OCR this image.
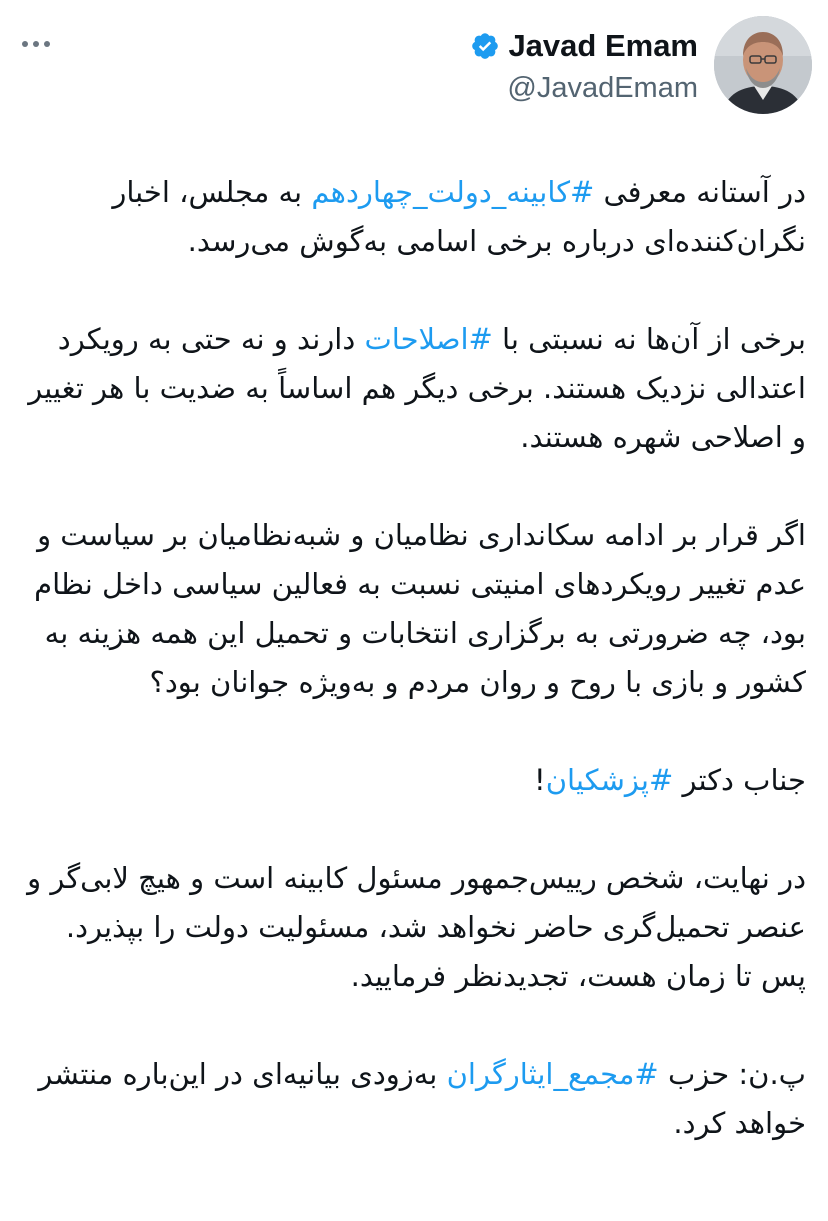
Javad Emam
@JavadEmam

در آستانه معرفی #کابینه_دولت_چهاردهم به مجلس، اخبار نگران‌کننده‌ای درباره برخی اسامی به‌گوش می‌رسد.

برخی از آن‌ها نه نسبتی با #اصلاحات دارند و نه حتی به رویکرد اعتدالی نزدیک هستند. برخی دیگر هم اساساً به ضدیت با هر تغییر و اصلاحی شهره هستند.

اگر قرار بر ادامه سکانداری نظامیان و شبه‌نظامیان بر سیاست و عدم تغییر رویکردهای امنیتی نسبت به فعالین سیاسی داخل نظام بود، چه ضرورتی به برگزاری انتخابات و تحمیل این همه هزینه به کشور و بازی با روح و روان مردم و به‌ویژه جوانان بود؟

جناب دکتر #پزشکیان!

در نهایت، شخص رییس‌جمهور مسئول کابینه است و هیچ لابی‌گر و عنصر تحمیل‌گری حاضر نخواهد شد، مسئولیت دولت را بپذیرد. پس تا زمان هست، تجدیدنظر فرمایید.

پ.ن: حزب #مجمع_ایثارگران به‌زودی بیانیه‌ای در این‌باره منتشر خواهد کرد.
